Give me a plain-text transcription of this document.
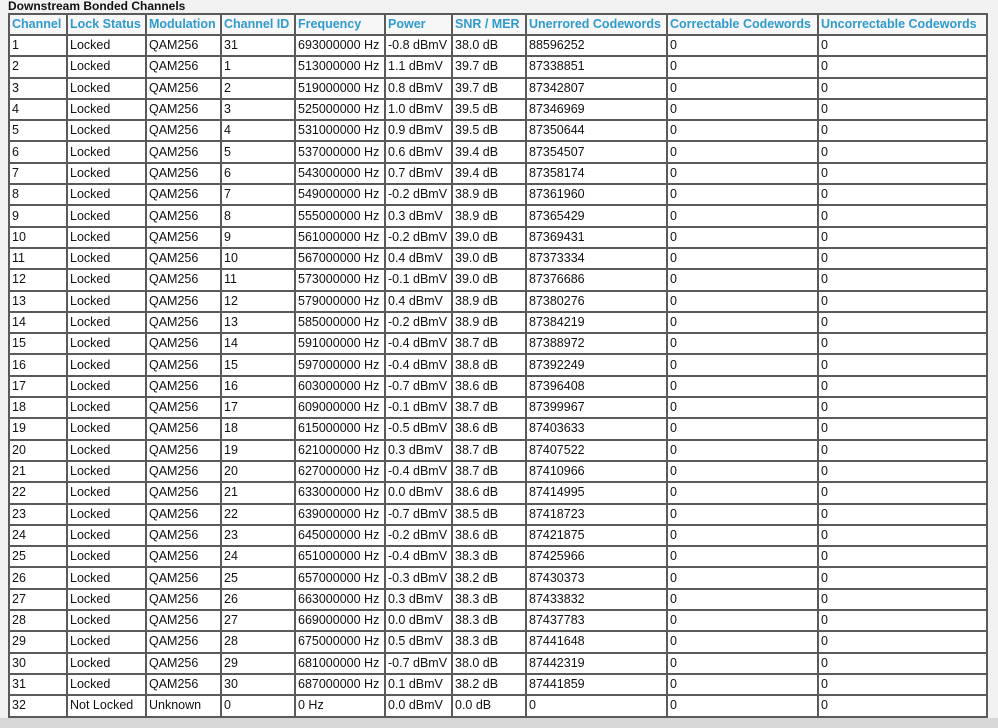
Downstream Bonded Channels
Channel	Lock Status	Modulation	Channel ID	Frequency	Power	SNR / MER	Unerrored Codewords	Correctable Codewords	Uncorrectable Codewords
1	Locked	QAM256	31	693000000 Hz	-0.8 dBmV	38.0 dB	88596252	0	0
2	Locked	QAM256	1	513000000 Hz	1.1 dBmV	39.7 dB	87338851	0	0
3	Locked	QAM256	2	519000000 Hz	0.8 dBmV	39.7 dB	87342807	0	0
4	Locked	QAM256	3	525000000 Hz	1.0 dBmV	39.5 dB	87346969	0	0
5	Locked	QAM256	4	531000000 Hz	0.9 dBmV	39.5 dB	87350644	0	0
6	Locked	QAM256	5	537000000 Hz	0.6 dBmV	39.4 dB	87354507	0	0
7	Locked	QAM256	6	543000000 Hz	0.7 dBmV	39.4 dB	87358174	0	0
8	Locked	QAM256	7	549000000 Hz	-0.2 dBmV	38.9 dB	87361960	0	0
9	Locked	QAM256	8	555000000 Hz	0.3 dBmV	38.9 dB	87365429	0	0
10	Locked	QAM256	9	561000000 Hz	-0.2 dBmV	39.0 dB	87369431	0	0
11	Locked	QAM256	10	567000000 Hz	0.4 dBmV	39.0 dB	87373334	0	0
12	Locked	QAM256	11	573000000 Hz	-0.1 dBmV	39.0 dB	87376686	0	0
13	Locked	QAM256	12	579000000 Hz	0.4 dBmV	38.9 dB	87380276	0	0
14	Locked	QAM256	13	585000000 Hz	-0.2 dBmV	38.9 dB	87384219	0	0
15	Locked	QAM256	14	591000000 Hz	-0.4 dBmV	38.7 dB	87388972	0	0
16	Locked	QAM256	15	597000000 Hz	-0.4 dBmV	38.8 dB	87392249	0	0
17	Locked	QAM256	16	603000000 Hz	-0.7 dBmV	38.6 dB	87396408	0	0
18	Locked	QAM256	17	609000000 Hz	-0.1 dBmV	38.7 dB	87399967	0	0
19	Locked	QAM256	18	615000000 Hz	-0.5 dBmV	38.6 dB	87403633	0	0
20	Locked	QAM256	19	621000000 Hz	0.3 dBmV	38.7 dB	87407522	0	0
21	Locked	QAM256	20	627000000 Hz	-0.4 dBmV	38.7 dB	87410966	0	0
22	Locked	QAM256	21	633000000 Hz	0.0 dBmV	38.6 dB	87414995	0	0
23	Locked	QAM256	22	639000000 Hz	-0.7 dBmV	38.5 dB	87418723	0	0
24	Locked	QAM256	23	645000000 Hz	-0.2 dBmV	38.6 dB	87421875	0	0
25	Locked	QAM256	24	651000000 Hz	-0.4 dBmV	38.3 dB	87425966	0	0
26	Locked	QAM256	25	657000000 Hz	-0.3 dBmV	38.2 dB	87430373	0	0
27	Locked	QAM256	26	663000000 Hz	0.3 dBmV	38.3 dB	87433832	0	0
28	Locked	QAM256	27	669000000 Hz	0.0 dBmV	38.3 dB	87437783	0	0
29	Locked	QAM256	28	675000000 Hz	0.5 dBmV	38.3 dB	87441648	0	0
30	Locked	QAM256	29	681000000 Hz	-0.7 dBmV	38.0 dB	87442319	0	0
31	Locked	QAM256	30	687000000 Hz	0.1 dBmV	38.2 dB	87441859	0	0
32	Not Locked	Unknown	0	0 Hz	0.0 dBmV	0.0 dB	0	0	0
